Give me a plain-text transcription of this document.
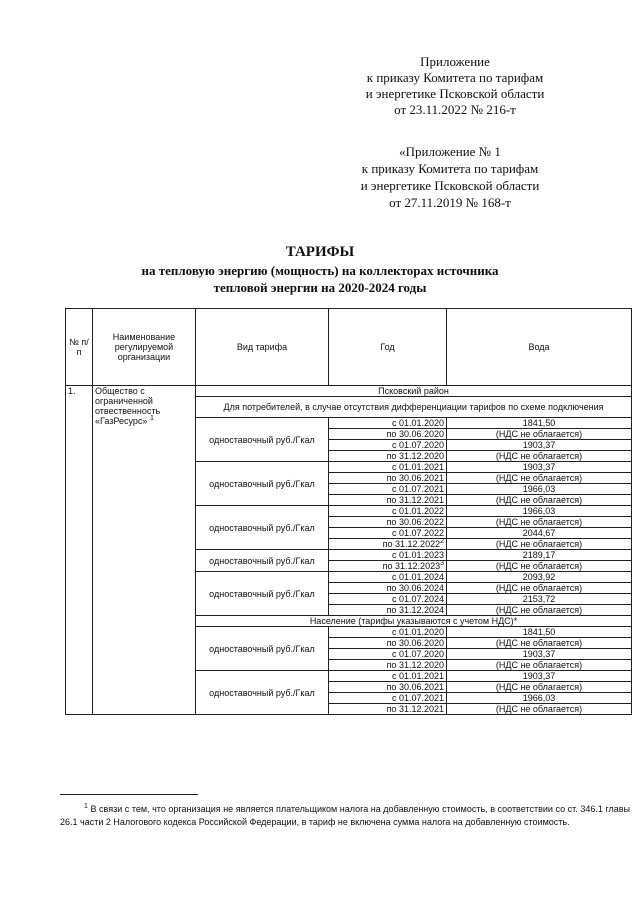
Приложение
к приказу Комитета по тарифам
и энергетике Псковской области
от 23.11.2022 № 216-т
«Приложение № 1
к приказу Комитета по тарифам
и энергетике Псковской области
от 27.11.2019 № 168-т
ТАРИФЫ
на тепловую энергию (мощность) на коллекторах источника
тепловой энергии на 2020-2024 годы
№ п/п	Наименование регулируемой организации	Вид тарифа	Год	Вода
1.	Общество с ограниченной отвественность «ГазРесурс» $^1$	Псковский район		
		Для потребителей, в случае отсутствия дифференциации тарифов по схеме подключения		
		одноставочный руб./Гкал	с 01.01.2020	1841,50
			по 30.06.2020	(НДС не облагается)
			с 01.07.2020	1903,37
			по 31.12.2020	(НДС не облагается)
		одноставочный руб./Гкал	с 01.01.2021	1903,37
			по 30.06.2021	(НДС не облагается)
			с 01.07.2021	1966,03
			по 31.12.2021	(НДС не облагается)
		одноставочный руб./Гкал	с 01.01.2022	1966,03
			по 30.06.2022	(НДС не облагается)
			с 01.07.2022	2044,67
			по 31.12.2022$^2$	(НДС не облагается)
		одноставочный руб./Гкал	с 01.01.2023	2189,17
			по 31.12.2023$^3$	(НДС не облагается)
		одноставочный руб./Гкал	с 01.01.2024	2093,92
			по 30.06.2024	(НДС не облагается)
			с 01.07.2024	2153,72
			по 31.12.2024	(НДС не облагается)
		Население (тарифы указываются с учетом НДС)*		
		одноставочный руб./Гкал	с 01.01.2020	1841,50
			по 30.06.2020	(НДС не облагается)
			с 01.07.2020	1903,37
			по 31.12.2020	(НДС не облагается)
		одноставочный руб./Гкал	с 01.01.2021	1903,37
			по 30.06.2021	(НДС не облагается)
			с 01.07.2021	1966,03
			по 31.12.2021	(НДС не облагается)
$^1$ В связи с тем, что организация не является плательщиком налога на добавленную стоимость, в соответствии со ст. 346.1 главы 26.1 части 2 Налогового кодекса Российской Федерации, в тариф не включена сумма налога на добавленную стоимость.
